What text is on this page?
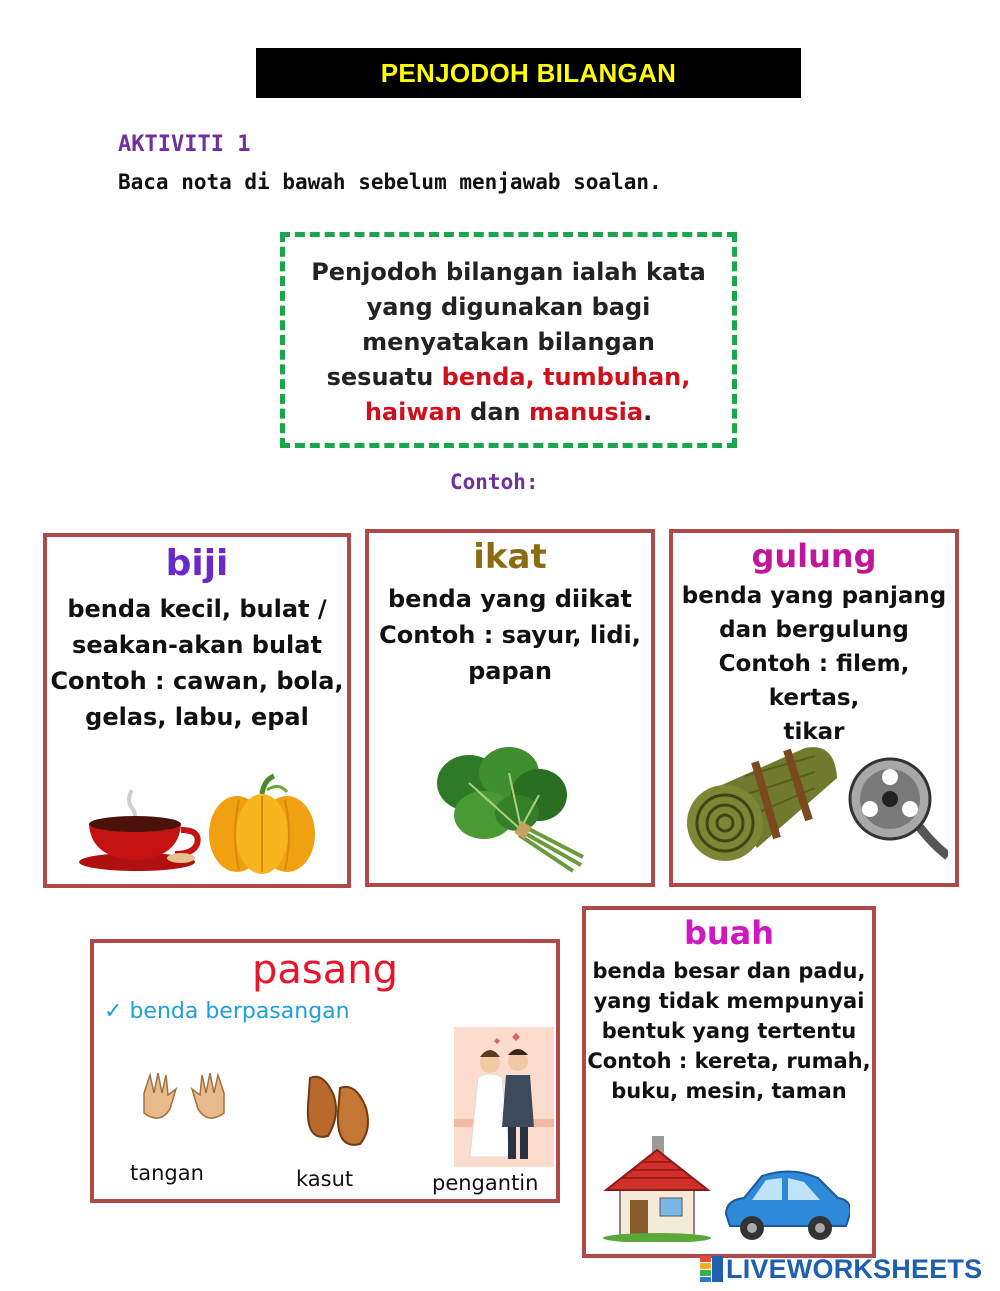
PENJODOH BILANGAN
AKTIVITI 1
Baca nota di bawah sebelum menjawab soalan.
Penjodoh bilangan ialah kata
yang digunakan bagi
menyatakan bilangan
sesuatu benda, tumbuhan,
haiwan dan manusia.
Contoh:
biji
benda kecil, bulat /
seakan-akan bulat
Contoh : cawan, bola,
gelas, labu, epal
ikat
benda yang diikat
Contoh : sayur, lidi,
papan
gulung
benda yang panjang
dan bergulung
Contoh : filem, kertas,
tikar
pasang
✓ benda berpasangan
tangan	kasut	pengantin
buah
benda besar dan padu,
yang tidak mempunyai
bentuk yang tertentu
Contoh : kereta, rumah,
buku, mesin, taman
LIVEWORKSHEETS
